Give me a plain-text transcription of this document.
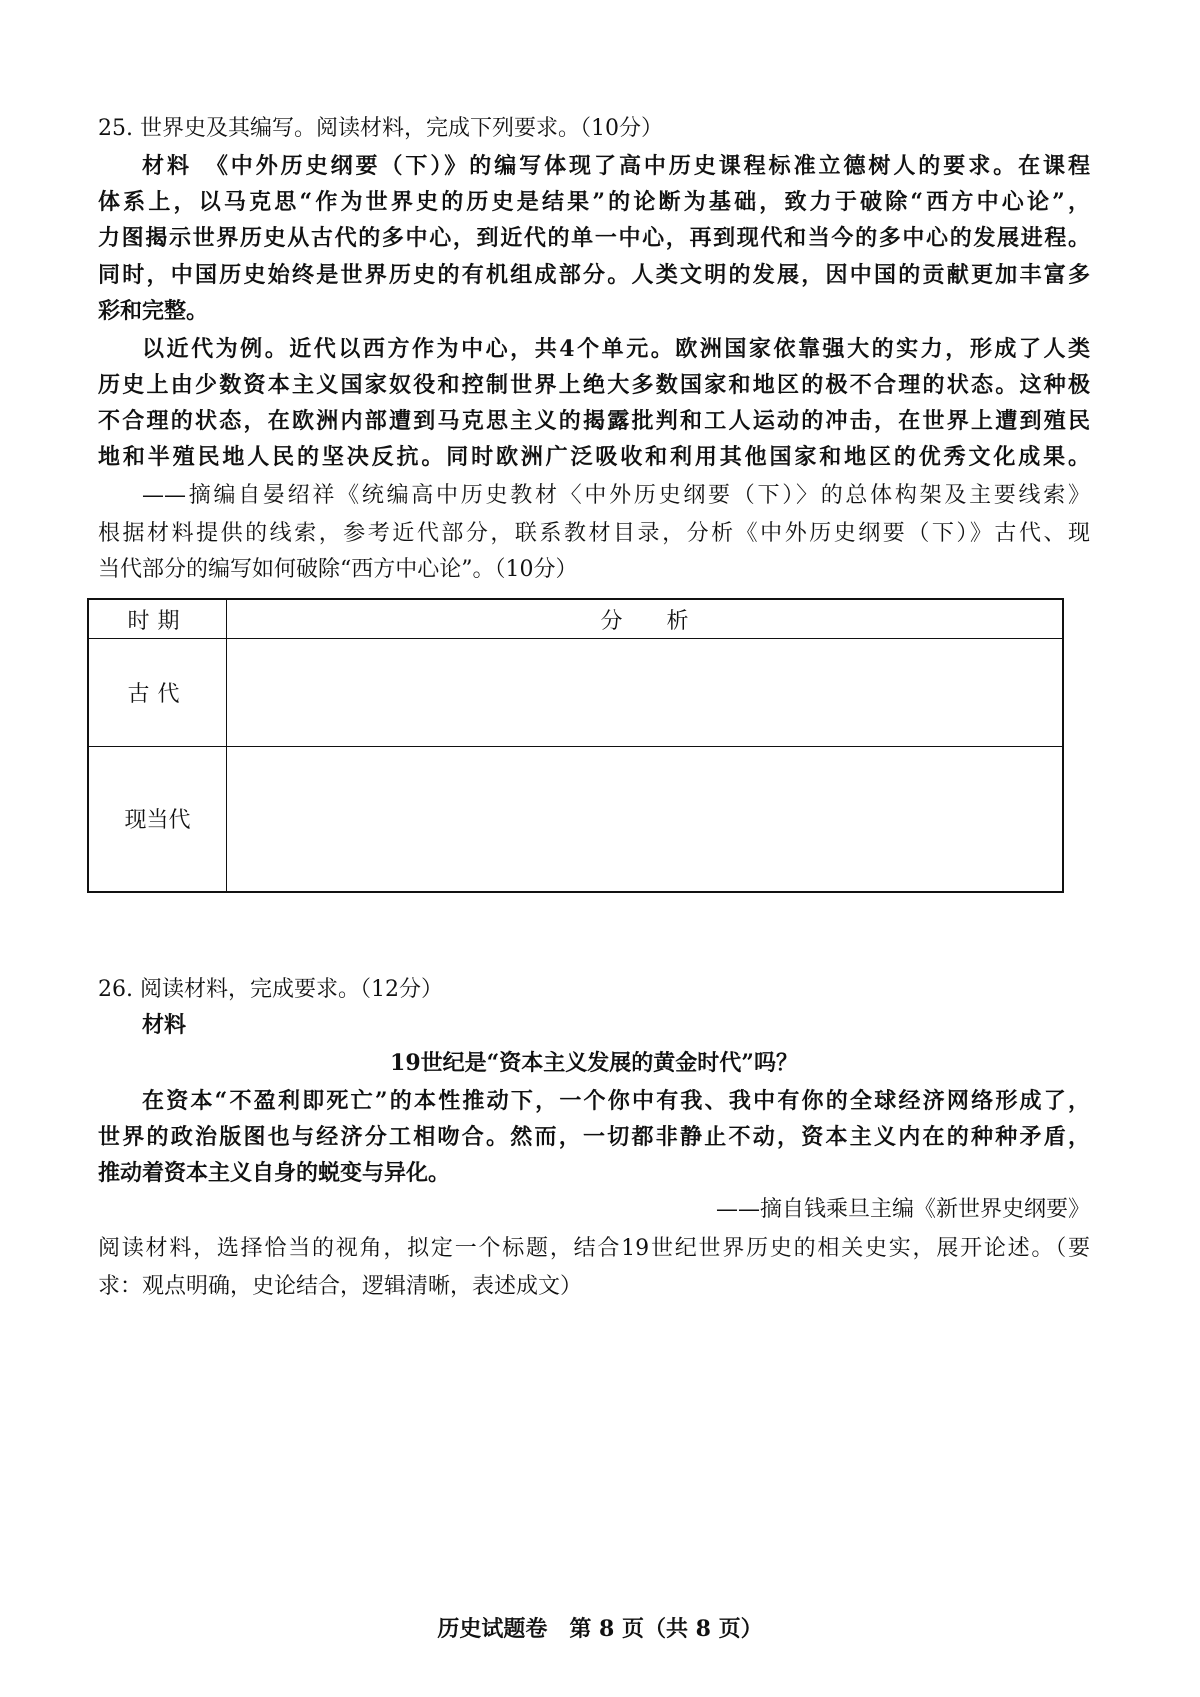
25. 世界史及其编写。阅读材料，完成下列要求。（10分）
材料　《中外历史纲要（下）》的编写体现了高中历史课程标准立德树人的要求。在课程
体系上，以马克思“作为世界史的历史是结果”的论断为基础，致力于破除“西方中心论”，
力图揭示世界历史从古代的多中心，到近代的单一中心，再到现代和当今的多中心的发展进程。
同时，中国历史始终是世界历史的有机组成部分。人类文明的发展，因中国的贡献更加丰富多
彩和完整。
以近代为例。近代以西方作为中心，共4个单元。欧洲国家依靠强大的实力，形成了人类
历史上由少数资本主义国家奴役和控制世界上绝大多数国家和地区的极不合理的状态。这种极
不合理的状态，在欧洲内部遭到马克思主义的揭露批判和工人运动的冲击，在世界上遭到殖民
地和半殖民地人民的坚决反抗。同时欧洲广泛吸收和利用其他国家和地区的优秀文化成果。
——摘编自晏绍祥《统编高中历史教材〈中外历史纲要（下）〉的总体构架及主要线索》
根据材料提供的线索，参考近代部分，联系教材目录，分析《中外历史纲要（下）》古代、现
当代部分的编写如何破除“西方中心论”。（10分）
时期	分　　析
古代	
现当代	
26. 阅读材料，完成要求。（12分）
材料
19世纪是“资本主义发展的黄金时代”吗？
在资本“不盈利即死亡”的本性推动下，一个你中有我、我中有你的全球经济网络形成了，
世界的政治版图也与经济分工相吻合。然而，一切都非静止不动，资本主义内在的种种矛盾，
推动着资本主义自身的蜕变与异化。
——摘自钱乘旦主编《新世界史纲要》
阅读材料，选择恰当的视角，拟定一个标题，结合19世纪世界历史的相关史实，展开论述。（要
求：观点明确，史论结合，逻辑清晰，表述成文）
历史试题卷　第 8 页（共 8 页）
